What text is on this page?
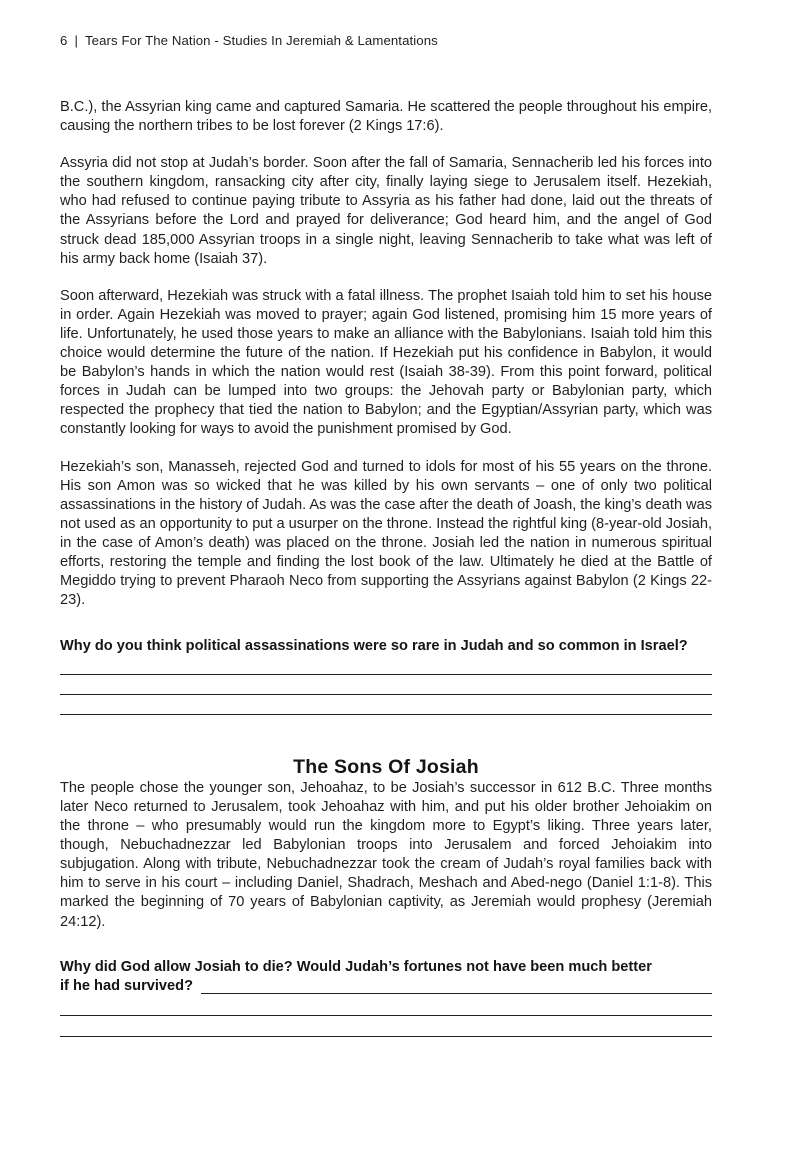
6 | Tears For The Nation - Studies In Jeremiah & Lamentations

B.C.), the Assyrian king came and captured Samaria. He scattered the people throughout his empire, causing the northern tribes to be lost forever (2 Kings 17:6).

Assyria did not stop at Judah’s border. Soon after the fall of Samaria, Sennacherib led his forces into the southern kingdom, ransacking city after city, finally laying siege to Jerusalem itself. Hezekiah, who had refused to continue paying tribute to Assyria as his father had done, laid out the threats of the Assyrians before the Lord and prayed for deliverance; God heard him, and the angel of God struck dead 185,000 Assyrian troops in a single night, leaving Sennacherib to take what was left of his army back home (Isaiah 37).

Soon afterward, Hezekiah was struck with a fatal illness. The prophet Isaiah told him to set his house in order. Again Hezekiah was moved to prayer; again God listened, promising him 15 more years of life. Unfortunately, he used those years to make an alliance with the Babylonians. Isaiah told him this choice would determine the future of the nation. If Hezekiah put his confidence in Babylon, it would be Babylon’s hands in which the nation would rest (Isaiah 38-39). From this point forward, political forces in Judah can be lumped into two groups: the Jehovah party or Babylonian party, which respected the prophecy that tied the nation to Babylon; and the Egyptian/Assyrian party, which was constantly looking for ways to avoid the punishment promised by God.

Hezekiah’s son, Manasseh, rejected God and turned to idols for most of his 55 years on the throne. His son Amon was so wicked that he was killed by his own servants – one of only two political assassinations in the history of Judah. As was the case after the death of Joash, the king’s death was not used as an opportunity to put a usurper on the throne. Instead the rightful king (8-year-old Josiah, in the case of Amon’s death) was placed on the throne. Josiah led the nation in numerous spiritual efforts, restoring the temple and finding the lost book of the law. Ultimately he died at the Battle of Megiddo trying to prevent Pharaoh Neco from supporting the Assyrians against Babylon (2 Kings 22-23).

Why do you think political assassinations were so rare in Judah and so common in Israel?

The Sons Of Josiah

The people chose the younger son, Jehoahaz, to be Josiah’s successor in 612 B.C. Three months later Neco returned to Jerusalem, took Jehoahaz with him, and put his older brother Jehoiakim on the throne – who presumably would run the kingdom more to Egypt’s liking. Three years later, though, Nebuchadnezzar led Babylonian troops into Jerusalem and forced Jehoiakim into subjugation. Along with tribute, Nebuchadnezzar took the cream of Judah’s royal families back with him to serve in his court – including Daniel, Shadrach, Meshach and Abed-nego (Daniel 1:1-8). This marked the beginning of 70 years of Babylonian captivity, as Jeremiah would prophesy (Jeremiah 24:12).

Why did God allow Josiah to die? Would Judah’s fortunes not have been much better
if he had survived?
